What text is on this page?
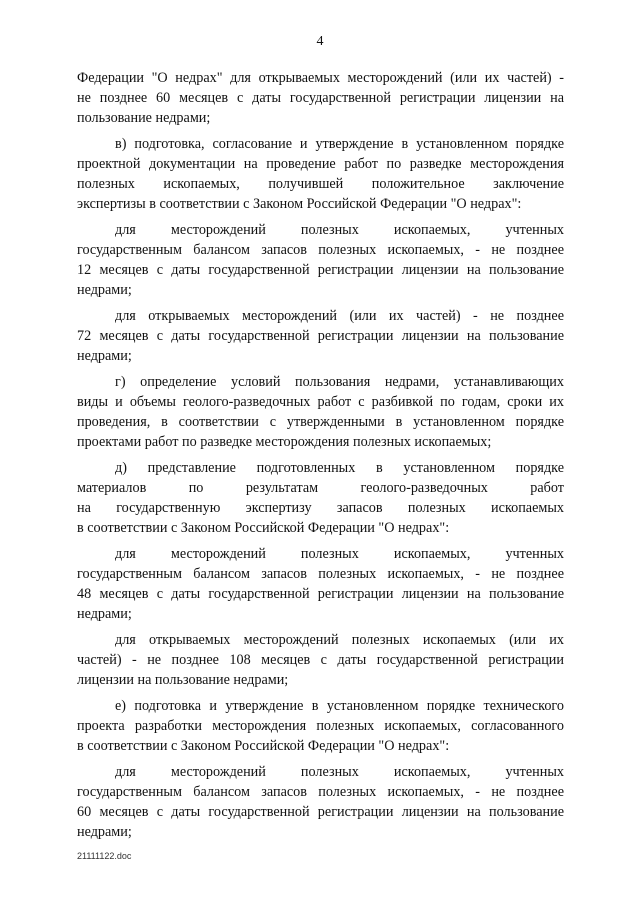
4
Федерации "О недрах" для открываемых месторождений (или их частей) -
не позднее 60 месяцев с даты государственной регистрации лицензии на
пользование недрами;
в) подготовка, согласование и утверждение в установленном порядке
проектной документации на проведение работ по разведке месторождения
полезных ископаемых, получившей положительное заключение
экспертизы в соответствии с Законом Российской Федерации "О недрах":
для месторождений полезных ископаемых, учтенных
государственным балансом запасов полезных ископаемых, - не позднее
12 месяцев с даты государственной регистрации лицензии на пользование
недрами;
для открываемых месторождений (или их частей) - не позднее
72 месяцев с даты государственной регистрации лицензии на пользование
недрами;
г) определение условий пользования недрами, устанавливающих
виды и объемы геолого-разведочных работ с разбивкой по годам, сроки их
проведения, в соответствии с утвержденными в установленном порядке
проектами работ по разведке месторождения полезных ископаемых;
д) представление подготовленных в установленном порядке
материалов по результатам геолого-разведочных работ
на государственную экспертизу запасов полезных ископаемых
в соответствии с Законом Российской Федерации "О недрах":
для месторождений полезных ископаемых, учтенных
государственным балансом запасов полезных ископаемых, - не позднее
48 месяцев с даты государственной регистрации лицензии на пользование
недрами;
для открываемых месторождений полезных ископаемых (или их
частей) - не позднее 108 месяцев с даты государственной регистрации
лицензии на пользование недрами;
е) подготовка и утверждение в установленном порядке технического
проекта разработки месторождения полезных ископаемых, согласованного
в соответствии с Законом Российской Федерации "О недрах":
для месторождений полезных ископаемых, учтенных
государственным балансом запасов полезных ископаемых, - не позднее
60 месяцев с даты государственной регистрации лицензии на пользование
недрами;
21111122.doc
